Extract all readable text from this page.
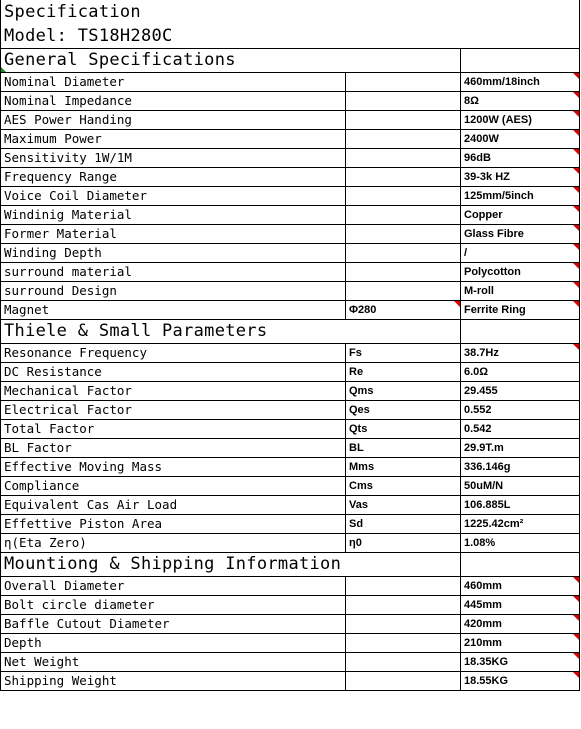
Specification		
Model: TS18H280C		
General Specifications	

Nominal Diameter		460mm/18inch
Nominal Impedance		8Ω
AES Power Handing		1200W (AES)
Maximum Power		2400W
Sensitivity 1W/1M		96dB
Frequency Range		39-3k HZ
Voice Coil Diameter		125mm/5inch
Windinig Material		Copper
Former Material		Glass Fibre
Winding Depth		/
surround material		Polycotton
surround Design		M-roll
Magnet	Φ280	Ferrite Ring
Thiele & Small Parameters		
Resonance Frequency	Fs	38.7Hz
DC Resistance	Re	6.0Ω
Mechanical Factor	Qms	29.455
Electrical Factor	Qes	0.552
Total Factor	Qts	0.542
BL Factor	BL	29.9T.m
Effective Moving Mass	Mms	336.146g
Compliance	Cms	50uM/N
Equivalent Cas Air Load	Vas	106.885L
Effettive Piston Area	Sd	1225.42cm²
η(Eta Zero)	η0	1.08%
Mountiong & Shipping Information		
Overall Diameter		460mm
Bolt circle diameter		445mm
Baffle Cutout Diameter		420mm
Depth		210mm
Net Weight		18.35KG
Shipping Weight		18.55KG
